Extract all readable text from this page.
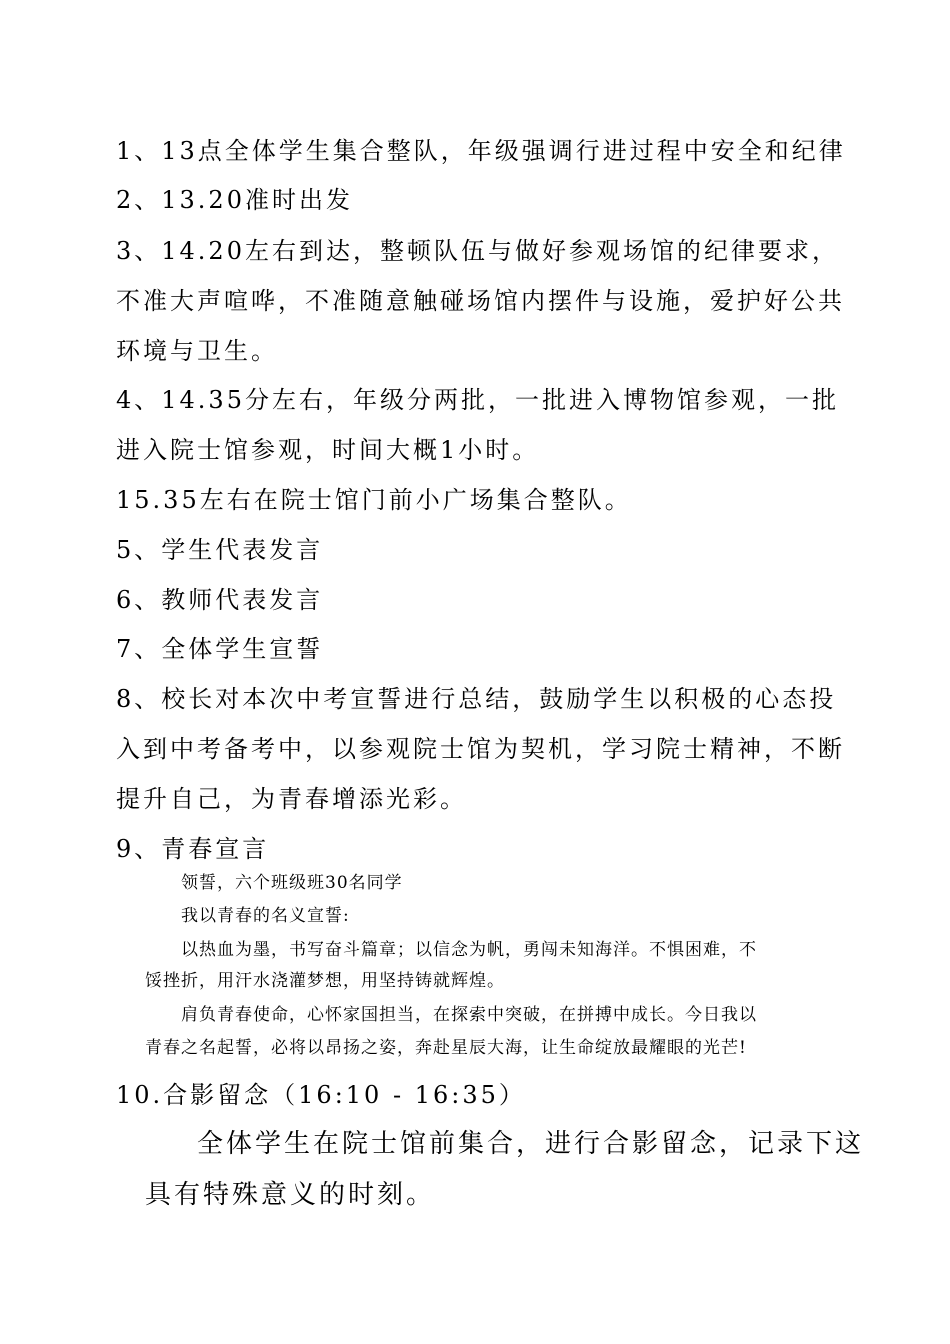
1、13点全体学生集合整队，年级强调行进过程中安全和纪律
2、13.20准时出发
3、14.20左右到达，整顿队伍与做好参观场馆的纪律要求，
不准大声喧哗，不准随意触碰场馆内摆件与设施，爱护好公共
环境与卫生。
4、14.35分左右，年级分两批，一批进入博物馆参观，一批
进入院士馆参观，时间大概1小时。
15.35左右在院士馆门前小广场集合整队。
5、学生代表发言
6、教师代表发言
7、全体学生宣誓
8、校长对本次中考宣誓进行总结，鼓励学生以积极的心态投
入到中考备考中，以参观院士馆为契机，学习院士精神，不断
提升自己，为青春增添光彩。
9、青春宣言
领誓，六个班级班30名同学
我以青春的名义宣誓:
以热血为墨，书写奋斗篇章；以信念为帆，勇闯未知海洋。不惧困难，不
馁挫折，用汗水浇灌梦想，用坚持铸就辉煌。
肩负青春使命，心怀家国担当，在探索中突破，在拼搏中成长。今日我以
青春之名起誓，必将以昂扬之姿，奔赴星辰大海，让生命绽放最耀眼的光芒!
10.合影留念（16:10 - 16:35）
全体学生在院士馆前集合，进行合影留念，记录下这
具有特殊意义的时刻。
